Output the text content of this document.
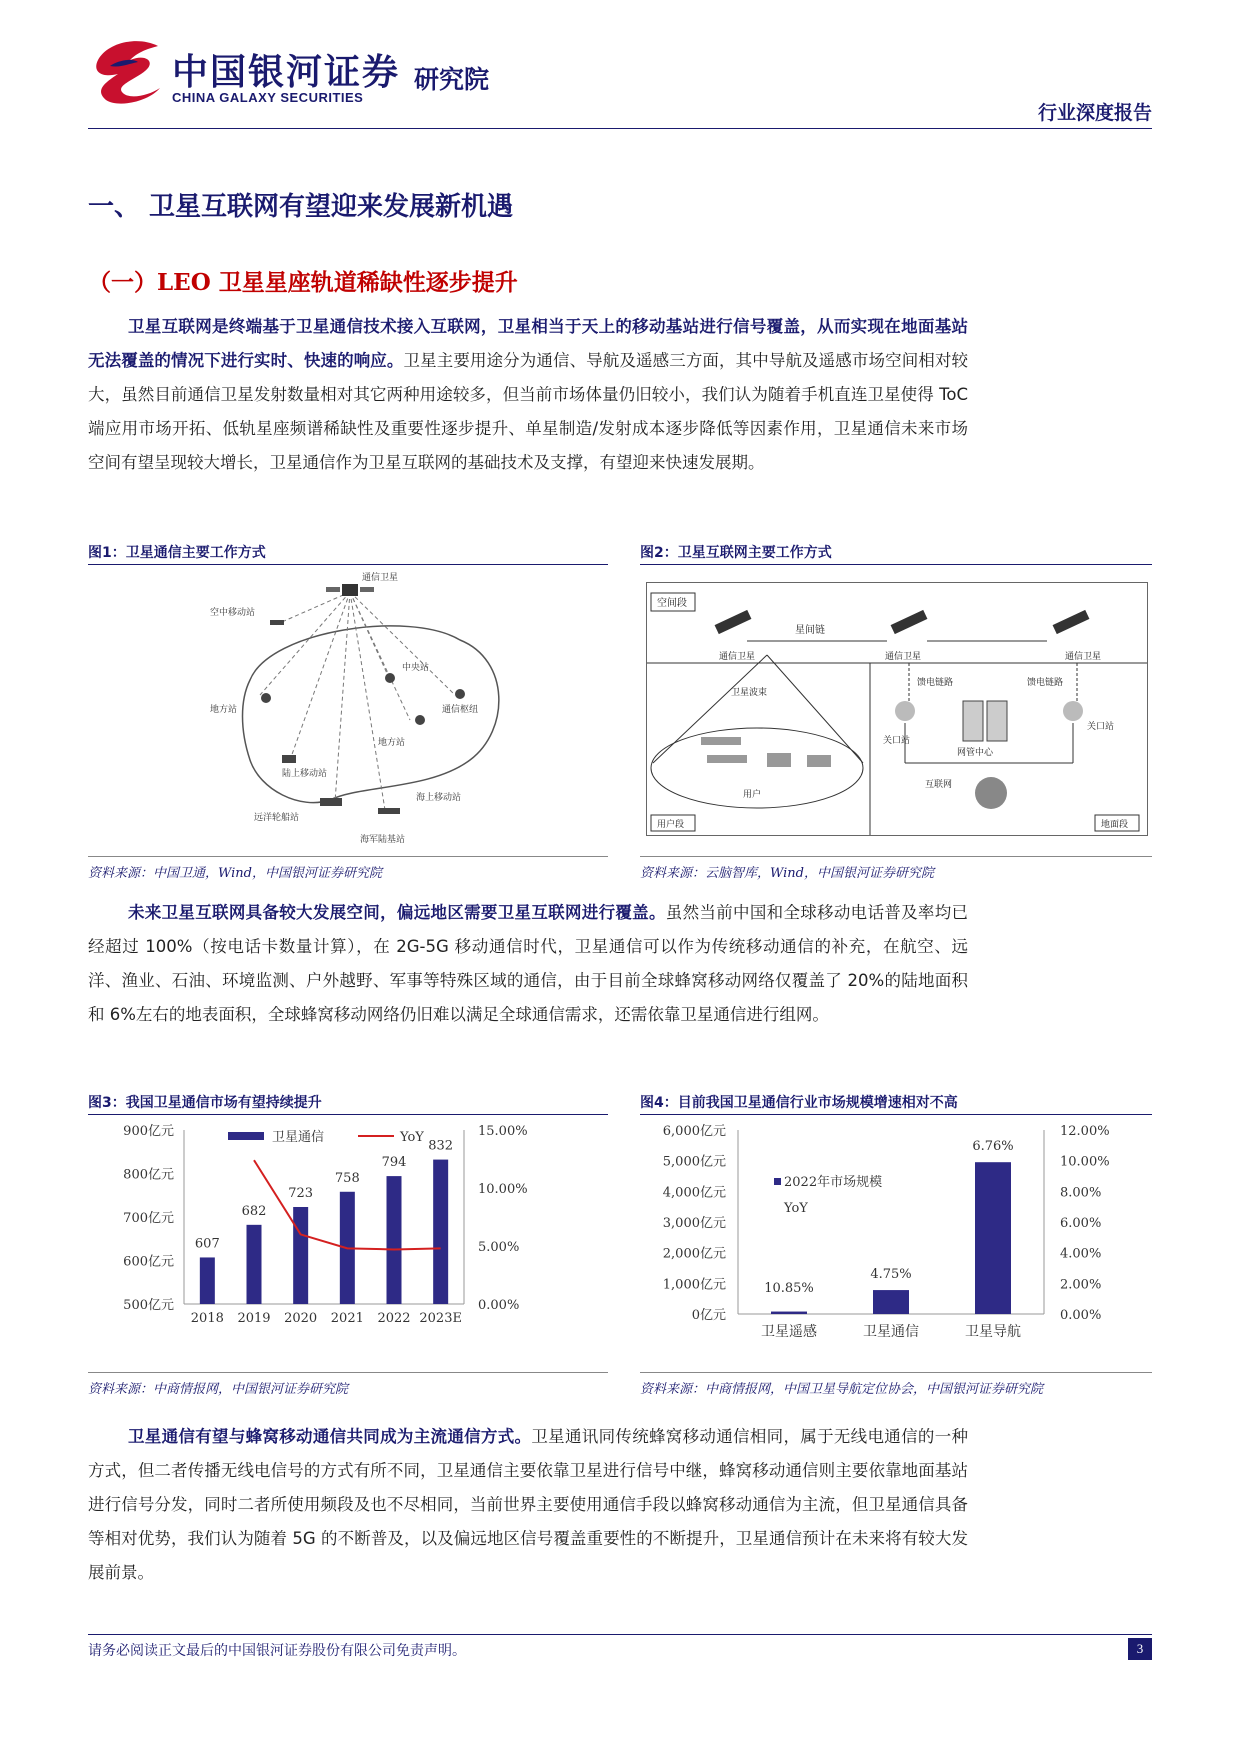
中国银河证券
CHINA GALAXY SECURITIES
研究院
行业深度报告
一、 卫星互联网有望迎来发展新机遇
（一）LEO 卫星星座轨道稀缺性逐步提升
卫星互联网是终端基于卫星通信技术接入互联网，卫星相当于天上的移动基站进行信号覆盖，从而实现在地面基站无法覆盖的情况下进行实时、快速的响应。卫星主要用途分为通信、导航及遥感三方面，其中导航及遥感市场空间相对较大，虽然目前通信卫星发射数量相对其它两种用途较多，但当前市场体量仍旧较小，我们认为随着手机直连卫星使得 ToC 端应用市场开拓、低轨星座频谱稀缺性及重要性逐步提升、单星制造/发射成本逐步降低等因素作用，卫星通信未来市场空间有望呈现较大增长，卫星通信作为卫星互联网的基础技术及支撑，有望迎来快速发展期。
图1：卫星通信主要工作方式	图2：卫星互联网主要工作方式
通信卫星
空中移动站
中央站
通信枢纽
地方站
地方站
陆上移动站
海上移动站
远洋轮船站
海军陆基站
空间段
星间链
通信卫星	通信卫星	通信卫星
卫星波束
用户
馈电链路	馈电链路
关口站
关口站
网管中心
互联网
用户段	地面段
资料来源：中国卫通，Wind，中国银河证券研究院	资料来源：云脑智库，Wind，中国银河证券研究院
未来卫星互联网具备较大发展空间，偏远地区需要卫星互联网进行覆盖。虽然当前中国和全球移动电话普及率均已经超过 100%（按电话卡数量计算），在 2G-5G 移动通信时代，卫星通信可以作为传统移动通信的补充，在航空、远洋、渔业、石油、环境监测、户外越野、军事等特殊区域的通信，由于目前全球蜂窝移动网络仅覆盖了 20%的陆地面积和 6%左右的地表面积，全球蜂窝移动网络仍旧难以满足全球通信需求，还需依靠卫星通信进行组网。
图3：我国卫星通信市场有望持续提升	图4：目前我国卫星通信行业市场规模增速相对不高
900亿元
800亿元
700亿元
600亿元
500亿元
15.00%
10.00%
5.00%
0.00%
607
2018
682
2019
723
2020
758
2021
794
2022
832
2023E
卫星通信	YoY	6,000亿元
5,000亿元
4,000亿元
3,000亿元
2,000亿元
1,000亿元
0亿元
12.00%
10.00%
8.00%
6.00%
4.00%
2.00%
0.00%
10.85%
卫星遥感
4.75%
卫星通信
6.76%
卫星导航
2022年市场规模
YoY
资料来源：中商情报网，中国银河证券研究院	资料来源：中商情报网，中国卫星导航定位协会，中国银河证券研究院
卫星通信有望与蜂窝移动通信共同成为主流通信方式。卫星通讯同传统蜂窝移动通信相同，属于无线电通信的一种方式，但二者传播无线电信号的方式有所不同，卫星通信主要依靠卫星进行信号中继，蜂窝移动通信则主要依靠地面基站进行信号分发，同时二者所使用频段及也不尽相同，当前世界主要使用通信手段以蜂窝移动通信为主流，但卫星通信具备等相对优势，我们认为随着 5G 的不断普及，以及偏远地区信号覆盖重要性的不断提升，卫星通信预计在未来将有较大发展前景。
请务必阅读正文最后的中国银河证券股份有限公司免责声明。	3
